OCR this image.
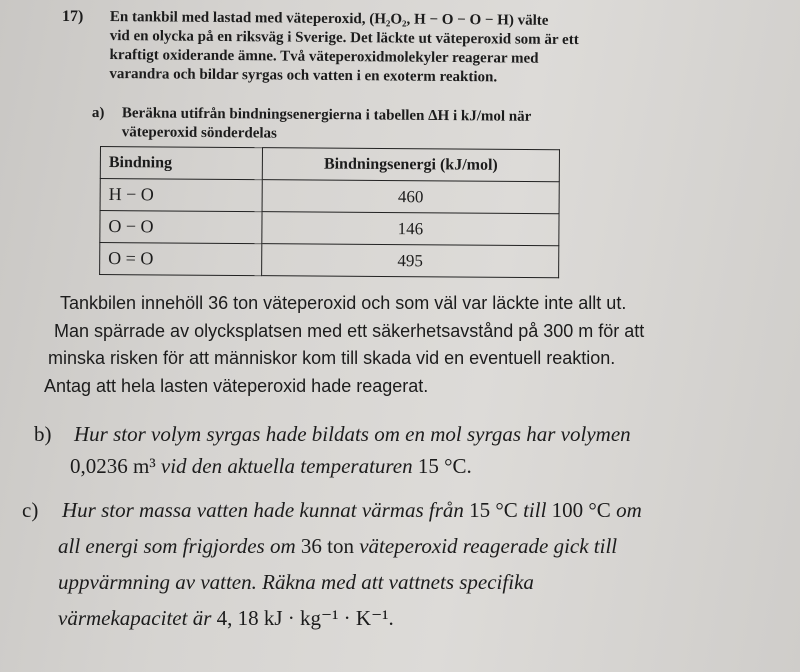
17) En tankbil med lastad med väteperoxid, (H₂O₂, H − O − O − H) välte
vid en olycka på en riksväg i Sverige. Det läckte ut väteperoxid som är ett
kraftigt oxiderande ämne. Två väteperoxidmolekyler reagerar med
varandra och bildar syrgas och vatten i en exoterm reaktion.
a) Beräkna utifrån bindningsenergierna i tabellen ΔH i kJ/mol när
väteperoxid sönderdelas
Bindning	Bindningsenergi (kJ/mol)
H − O	460
O − O	146
O = O	495
Tankbilen innehöll 36 ton väteperoxid och som väl var läckte inte allt ut.
Man spärrade av olycksplatsen med ett säkerhetsavstånd på 300 m för att
minska risken för att människor kom till skada vid en eventuell reaktion.
Antag att hela lasten väteperoxid hade reagerat.
b) Hur stor volym syrgas hade bildats om en mol syrgas har volymen
0,0236 m³ vid den aktuella temperaturen 15 °C.
c) Hur stor massa vatten hade kunnat värmas från 15 °C till 100 °C om
all energi som frigjordes om 36 ton väteperoxid reagerade gick till
uppvärmning av vatten. Räkna med att vattnets specifika
värmekapacitet är 4, 18 kJ · kg⁻¹ · K⁻¹.
